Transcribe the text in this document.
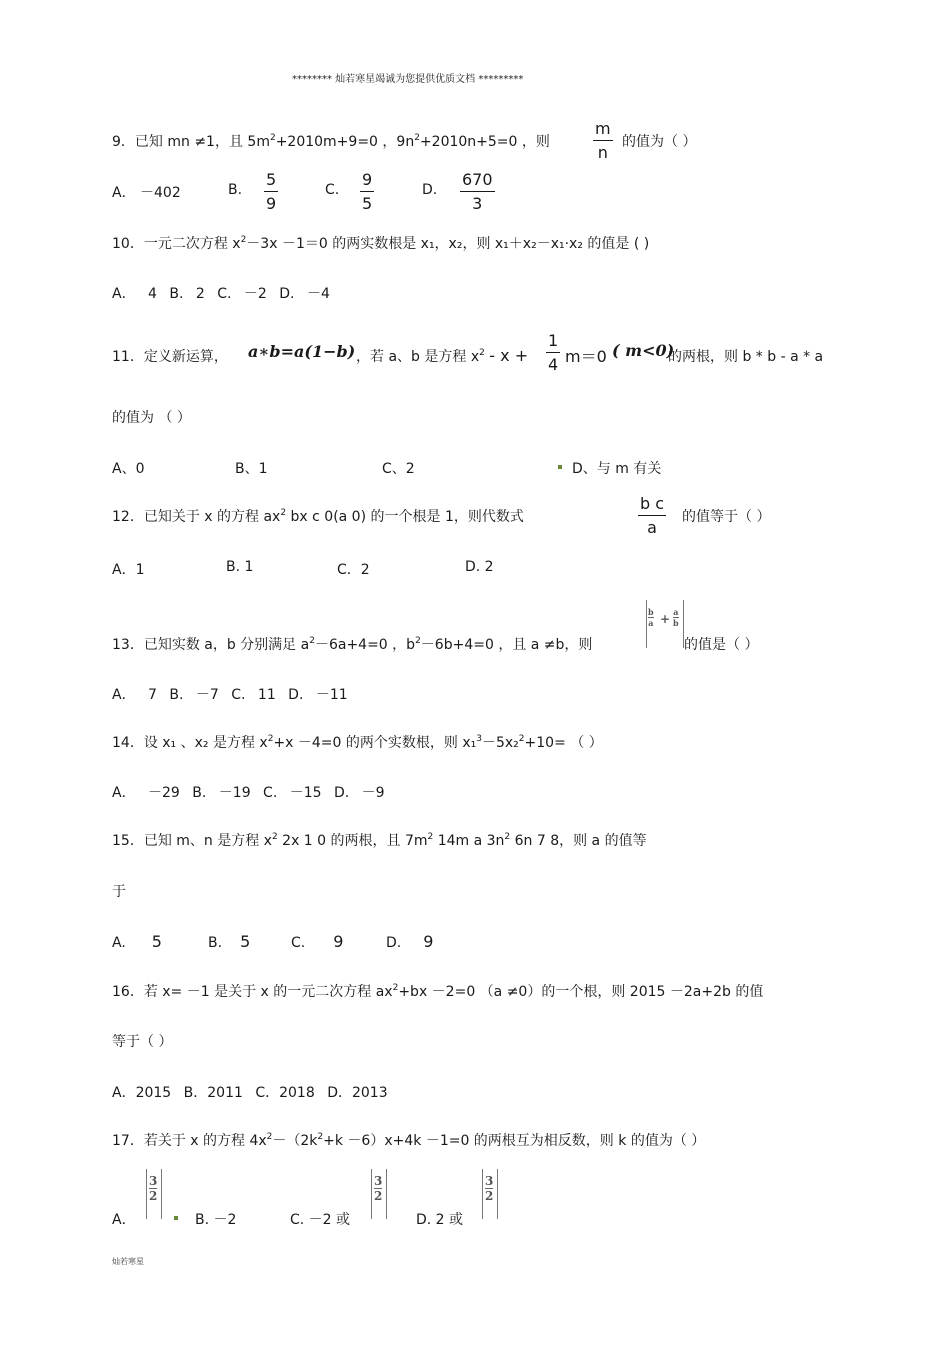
******** 灿若寒星竭诚为您提供优质文档 *********
9．已知 mn ≠1，且 $5m^2+2010m+9=0$ ，$9n^2+2010n+5=0$ ，则	$\frac{m}{n}$ 的值为（ ）
A． －402	B. $\frac{5}{9}$	C. $\frac{9}{5}$	D. $\frac{670}{3}$
10．一元二次方程 $x^2-3x -1=0$ 的两实数根是 x₁，x₂，则 x₁＋x₂－x₁·x₂ 的值是 ( )
A． 4 B. 2 C. －2 D. －4
11．定义新运算， a∗b=a(1−b) ，若 a、b 是方程 $x^2 - x + \frac{1}{4} m=0$ ( m<0)
的两根，则 b * b - a * a
的值为 （ ）
A、0	B、1	C、2	D、与 m 有关
12．已知关于 x 的方程 $ax^2$ bx c 0(a 0) 的一个根是 1，则代数式	$\frac{\text{b c}}{a}$ 的值等于（ ）
A．1	B. 1	C．2	D. 2
13．已知实数 a，b 分别满足 $a^2-6a+4=0$ ，$b^2-6b+4=0$ ，且 a ≠b，则
b
a + a
b
的值是（ ）
A． 7 B. －7 C. 11 D. －11
14．设 x₁ 、x₂ 是方程 $x^2+x -4=0$ 的两个实数根，则 x₁$^3$－5x₂$^2$+10= （ ）
A． －29 B. －19 C. －15 D. －9
15．已知 m、n 是方程 $x^2$ 2x 1 0 的两根，且 $7m^2$ 14m a $3n^2$ 6n 7 8，则 a 的值等
于
A. 5	B. 5	C. 9	D. 9
16．若 x= －1 是关于 x 的一元二次方程 $ax^2+bx -2=0$ （a ≠0）的一个根，则 2015 －2a+2b 的值
等于（ ）
A．2015 B．2011 C．2018 D．2013
17．若关于 x 的方程 $4x^2-(2k^2+k -6)x+4k -1=0$ 的两根互为相反数，则 k 的值为（ ）
A．
3
2
B. －2	C. －2 或
3
2
D. 2 或
3
2
灿若寒星
